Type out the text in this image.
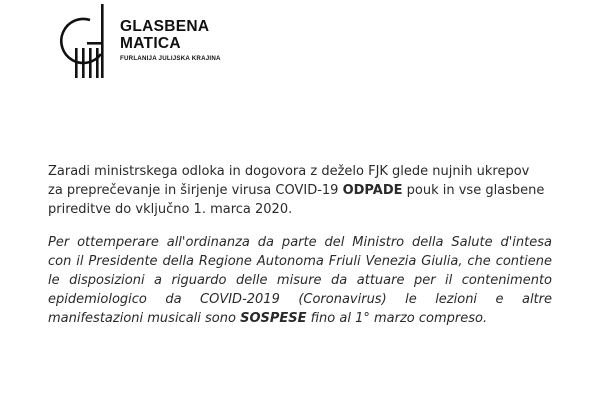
GLASBENA
MATICA
FURLANIJA JULIJSKA KRAJINA

Zaradi ministrskega odloka in dogovora z deželo FJK glede nujnih ukrepov
za preprečevanje in širjenje virusa COVID-19 ODPADE pouk in vse glasbene
prireditve do vključno 1. marca 2020.

Per ottemperare all'ordinanza da parte del Ministro della Salute d'intesa
con il Presidente della Regione Autonoma Friuli Venezia Giulia, che contiene
le disposizioni a riguardo delle misure da attuare per il contenimento
epidemiologico da COVID-2019 (Coronavirus) le lezioni e altre
manifestazioni musicali sono SOSPESE fino al 1° marzo compreso.
